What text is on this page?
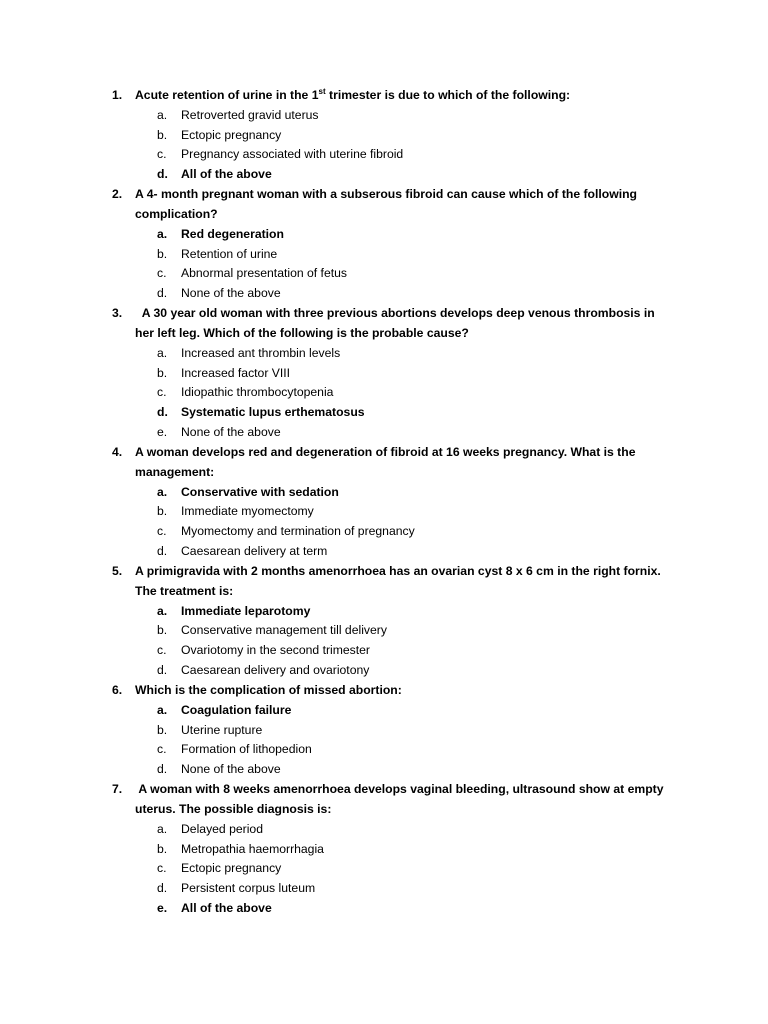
1. Acute retention of urine in the 1st trimester is due to which of the following:
a. Retroverted gravid uterus
b. Ectopic pregnancy
c. Pregnancy associated with uterine fibroid
d. All of the above
2. A 4- month pregnant woman with a subserous fibroid can cause which of the following complication?
a. Red degeneration
b. Retention of urine
c. Abnormal presentation of fetus
d. None of the above
3. A 30 year old woman with three previous abortions develops deep venous thrombosis in her left leg. Which of the following is the probable cause?
a. Increased ant thrombin levels
b. Increased factor VIII
c. Idiopathic thrombocytopenia
d. Systematic lupus erthematosus
e. None of the above
4. A woman develops red and degeneration of fibroid at 16 weeks pregnancy. What is the management:
a. Conservative with sedation
b. Immediate myomectomy
c. Myomectomy and termination of pregnancy
d. Caesarean delivery at term
5. A primigravida with 2 months amenorrhoea has an ovarian cyst 8 x 6 cm in the right fornix. The treatment is:
a. Immediate leparotomy
b. Conservative management till delivery
c. Ovariotomy in the second trimester
d. Caesarean delivery and ovariotony
6. Which is the complication of missed abortion:
a. Coagulation failure
b. Uterine rupture
c. Formation of lithopedion
d. None of the above
7. A woman with 8 weeks amenorrhoea develops vaginal bleeding, ultrasound show at empty uterus. The possible diagnosis is:
a. Delayed period
b. Metropathia haemorrhagia
c. Ectopic pregnancy
d. Persistent corpus luteum
e. All of the above
